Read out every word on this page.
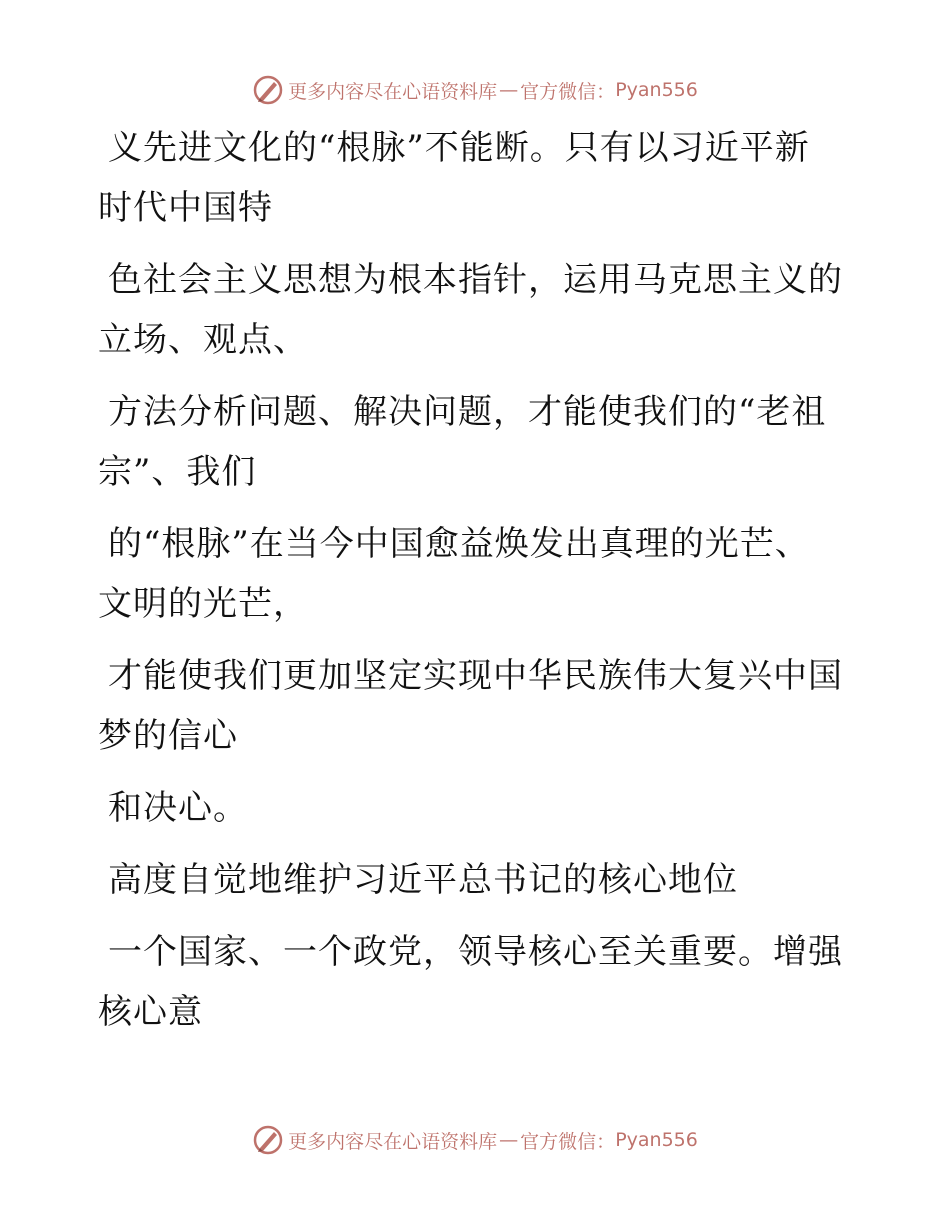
更多内容尽在心语资料库 — 官方微信： Pyan556
义先进文化的“根脉”不能断。只有以习近平新
时代中国特
色社会主义思想为根本指针，运用马克思主义的
立场、观点、
方法分析问题、解决问题，才能使我们的“老祖
宗”、我们
的“根脉”在当今中国愈益焕发出真理的光芒、
文明的光芒，
才能使我们更加坚定实现中华民族伟大复兴中国
梦的信心
和决心。
高度自觉地维护习近平总书记的核心地位
一个国家、一个政党，领导核心至关重要。增强
核心意
更多内容尽在心语资料库 — 官方微信： Pyan556
